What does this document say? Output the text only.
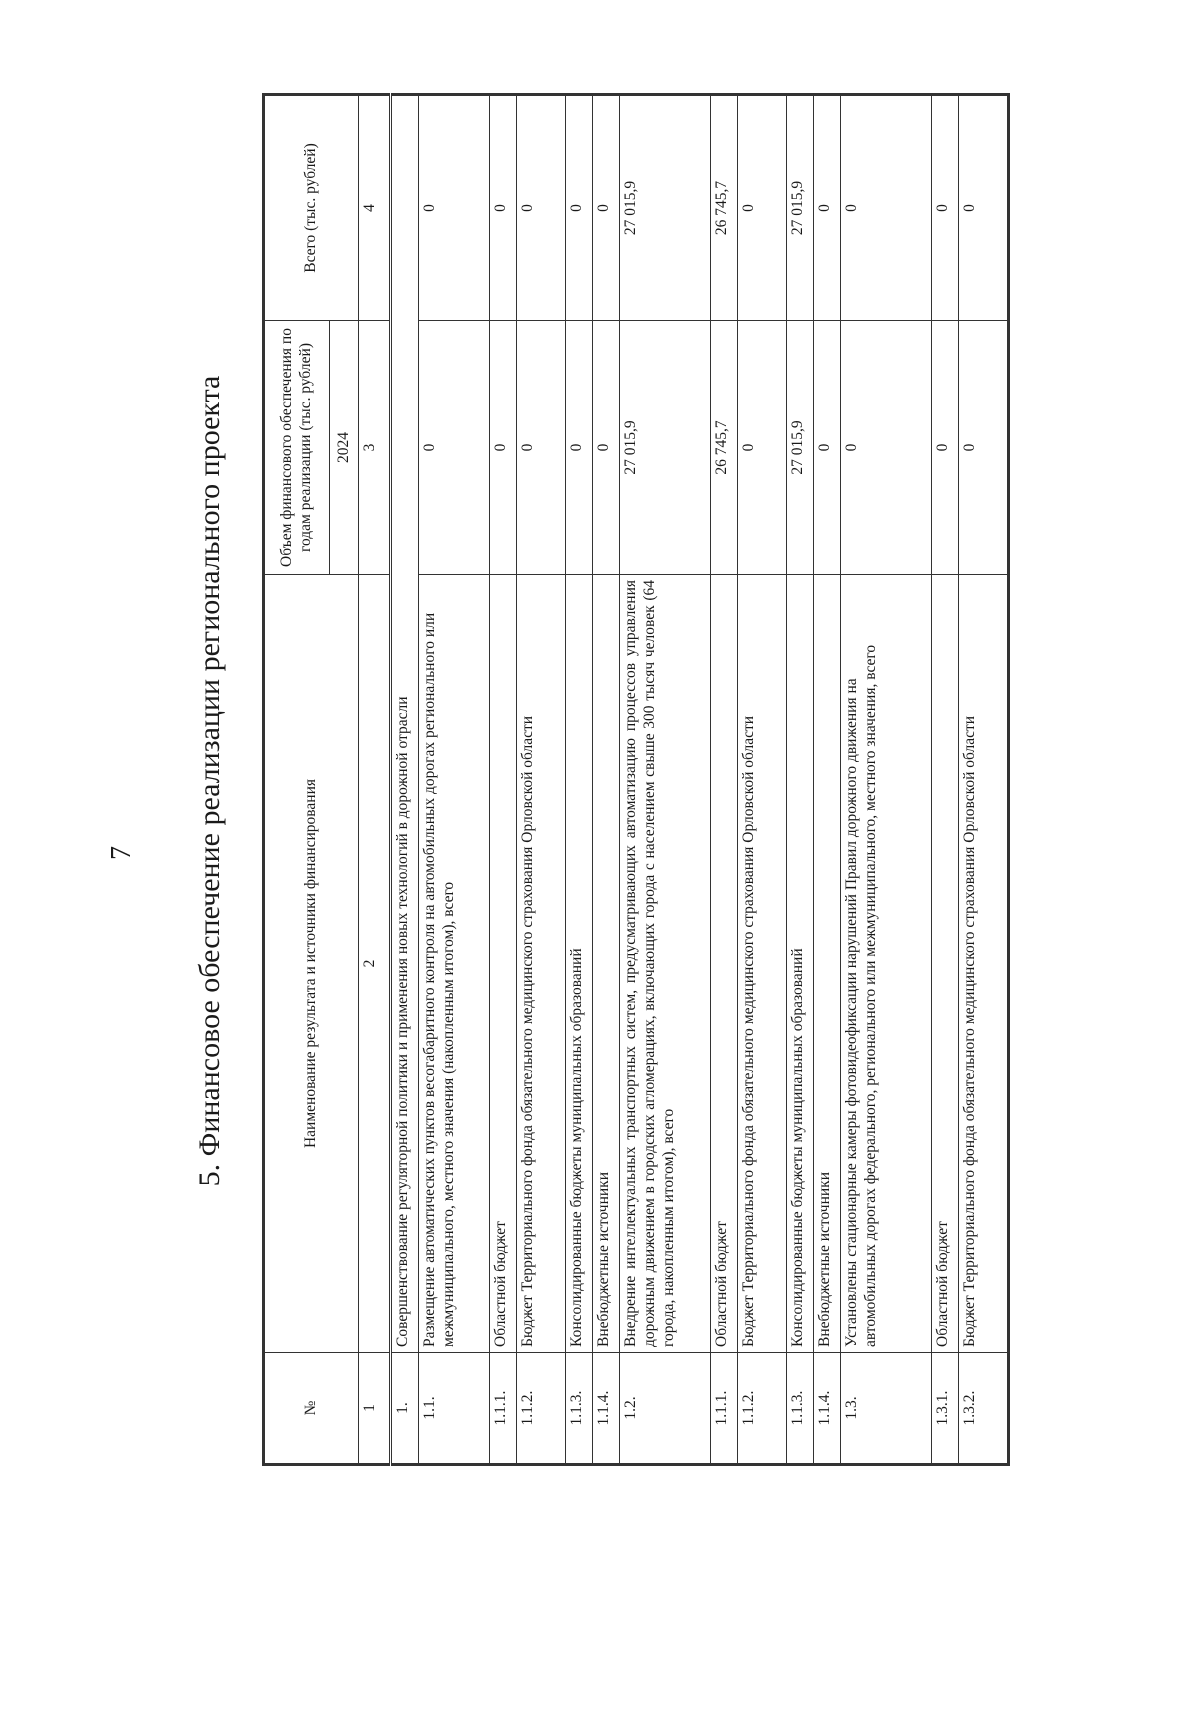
7 5. Финансовое обеспечение реализации регионального проекта
№	Наименование результата и источники финансирования	Объем финансового обеспечения по годам реализации (тыс. рублей)	Всего (тыс. рублей)
		2024	
1	2	3	4
1.	Совершенствование регуляторной политики и применения новых технологий в дорожной отрасли		
1.1.	Размещение автоматических пунктов весогабаритного контроля на автомобильных дорогах регионального или межмуниципального, местного значения (накопленным итогом), всего	0	0
1.1.1.	Областной бюджет	0	0
1.1.2.	Бюджет Территориального фонда обязательного медицинского страхования Орловской области	0	0
1.1.3.	Консолидированные бюджеты муниципальных образований	0	0
1.1.4.	Внебюджетные источники	0	0
1.2.	Внедрение интеллектуальных транспортных систем, предусматривающих автоматизацию процессов управления дорожным движением в городских агломерациях, включающих города с населением свыше 300 тысяч человек (64 города, накопленным итогом), всего	27 015,9	27 015,9
1.1.1.	Областной бюджет	26 745,7	26 745,7
1.1.2.	Бюджет Территориального фонда обязательного медицинского страхования Орловской области	0	0
1.1.3.	Консолидированные бюджеты муниципальных образований	27 015,9	27 015,9
1.1.4.	Внебюджетные источники	0	0
1.3.	Установлены стационарные камеры фотовидеофиксации нарушений Правил дорожного движения на автомобильных дорогах федерального, регионального или межмуниципального, местного значения, всего	0	0
1.3.1.	Областной бюджет	0	0
1.3.2.	Бюджет Территориального фонда обязательного медицинского страхования Орловской области	0	0
